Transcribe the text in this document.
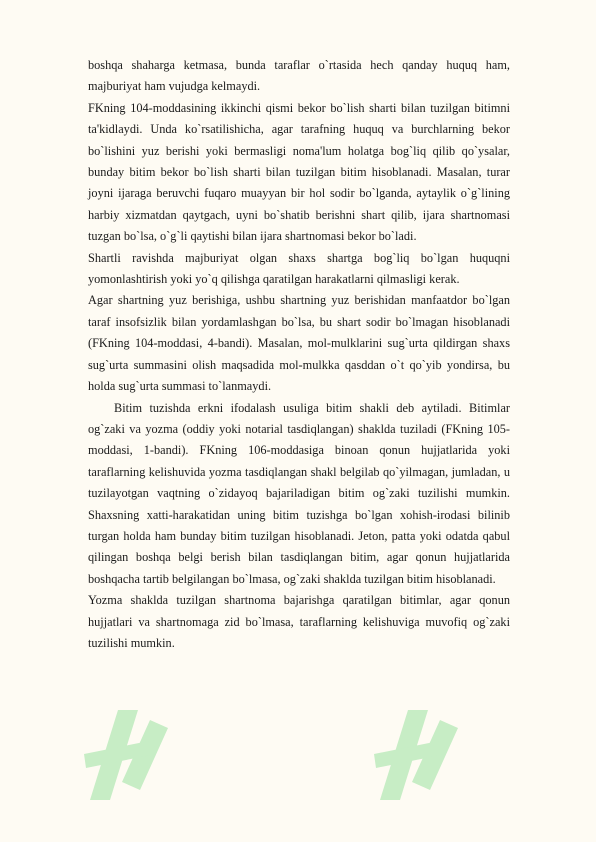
boshqa shaharga ketmasa, bunda taraflar o`rtasida hech qanday huquq ham, majburiyat ham vujudga kelmaydi.

FKning 104-moddasining ikkinchi qismi bekor bo`lish sharti bilan tuzilgan bitimni ta'kidlaydi. Unda ko`rsatilishicha, agar tarafning huquq va burchlarning bekor bo`lishini yuz berishi yoki bermasligi noma'lum holatga bog`liq qilib qo`ysalar, bunday bitim bekor bo`lish sharti bilan tuzilgan bitim hisoblanadi. Masalan, turar joyni ijaraga beruvchi fuqaro muayyan bir hol sodir bo`lganda, aytaylik o`g`lining harbiy xizmatdan qaytgach, uyni bo`shatib berishni shart qilib, ijara shartnomasi tuzgan bo`lsa, o`g`li qaytishi bilan ijara shartnomasi bekor bo`ladi.

Shartli ravishda majburiyat olgan shaxs shartga bog`liq bo`lgan huquqni yomonlashtirish yoki yo`q qilishga qaratilgan harakatlarni qilmasligi kerak.

Agar shartning yuz berishiga, ushbu shartning yuz berishidan manfaatdor bo`lgan taraf insofsizlik bilan yordamlashgan bo`lsa, bu shart sodir bo`lmagan hisoblanadi (FKning 104-moddasi, 4-bandi). Masalan, mol-mulklarini sug`urta qildirgan shaxs sug`urta summasini olish maqsadida mol-mulkka qasddan o`t qo`yib yondirsa, bu holda sug`urta summasi to`lanmaydi.

Bitim tuzishda erkni ifodalash usuliga bitim shakli deb aytiladi. Bitimlar og`zaki va yozma (oddiy yoki notarial tasdiqlangan) shaklda tuziladi (FKning 105-moddasi, 1-bandi). FKning 106-moddasiga binoan qonun hujjatlarida yoki taraflarning kelishuvida yozma tasdiqlangan shakl belgilab qo`yilmagan, jumladan, u tuzilayotgan vaqtning o`zidayoq bajariladigan bitim og`zaki tuzilishi mumkin. Shaxsning xatti-harakatidan uning bitim tuzishga bo`lgan xohish-irodasi bilinib turgan holda ham bunday bitim tuzilgan hisoblanadi. Jeton, patta yoki odatda qabul qilingan boshqa belgi berish bilan tasdiqlangan bitim, agar qonun hujjatlarida boshqacha tartib belgilangan bo`lmasa, og`zaki shaklda tuzilgan bitim hisoblanadi.

Yozma shaklda tuzilgan shartnoma bajarishga qaratilgan bitimlar, agar qonun hujjatlari va shartnomaga zid bo`lmasa, taraflarning kelishuviga muvofiq og`zaki tuzilishi mumkin.
